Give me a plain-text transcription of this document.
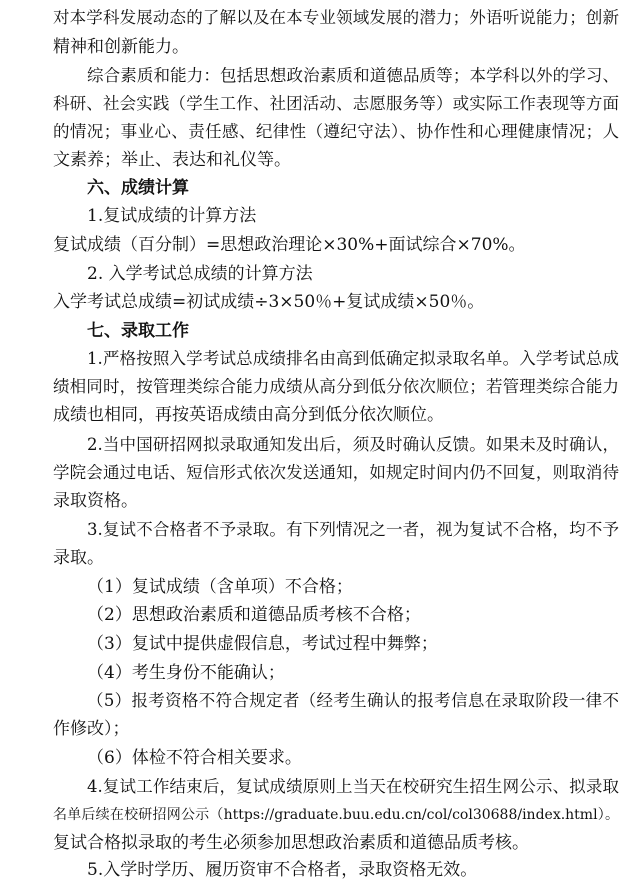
对本学科发展动态的了解以及在本专业领域发展的潜力；外语听说能力；创新
精神和创新能力。
综合素质和能力：包括思想政治素质和道德品质等；本学科以外的学习、
科研、社会实践（学生工作、社团活动、志愿服务等）或实际工作表现等方面
的情况；事业心、责任感、纪律性（遵纪守法）、协作性和心理健康情况；人
文素养；举止、表达和礼仪等。
六、成绩计算
1.复试成绩的计算方法
复试成绩（百分制）=思想政治理论×30%+面试综合×70%。
2. 入学考试总成绩的计算方法
入学考试总成绩=初试成绩÷3×50％+复试成绩×50％。
七、录取工作
1.严格按照入学考试总成绩排名由高到低确定拟录取名单。入学考试总成
绩相同时，按管理类综合能力成绩从高分到低分依次顺位；若管理类综合能力
成绩也相同，再按英语成绩由高分到低分依次顺位。
2.当中国研招网拟录取通知发出后，须及时确认反馈。如果未及时确认，
学院会通过电话、短信形式依次发送通知，如规定时间内仍不回复，则取消待
录取资格。
3.复试不合格者不予录取。有下列情况之一者，视为复试不合格，均不予
录取。
（1）复试成绩（含单项）不合格；
（2）思想政治素质和道德品质考核不合格；
（3）复试中提供虚假信息，考试过程中舞弊；
（4）考生身份不能确认；
（5）报考资格不符合规定者（经考生确认的报考信息在录取阶段一律不
作修改）；
（6）体检不符合相关要求。
4.复试工作结束后，复试成绩原则上当天在校研究生招生网公示、拟录取
名单后续在校研招网公示（https://graduate.buu.edu.cn/col/col30688/index.html）。
复试合格拟录取的考生必须参加思想政治素质和道德品质考核。
5.入学时学历、履历资审不合格者，录取资格无效。
